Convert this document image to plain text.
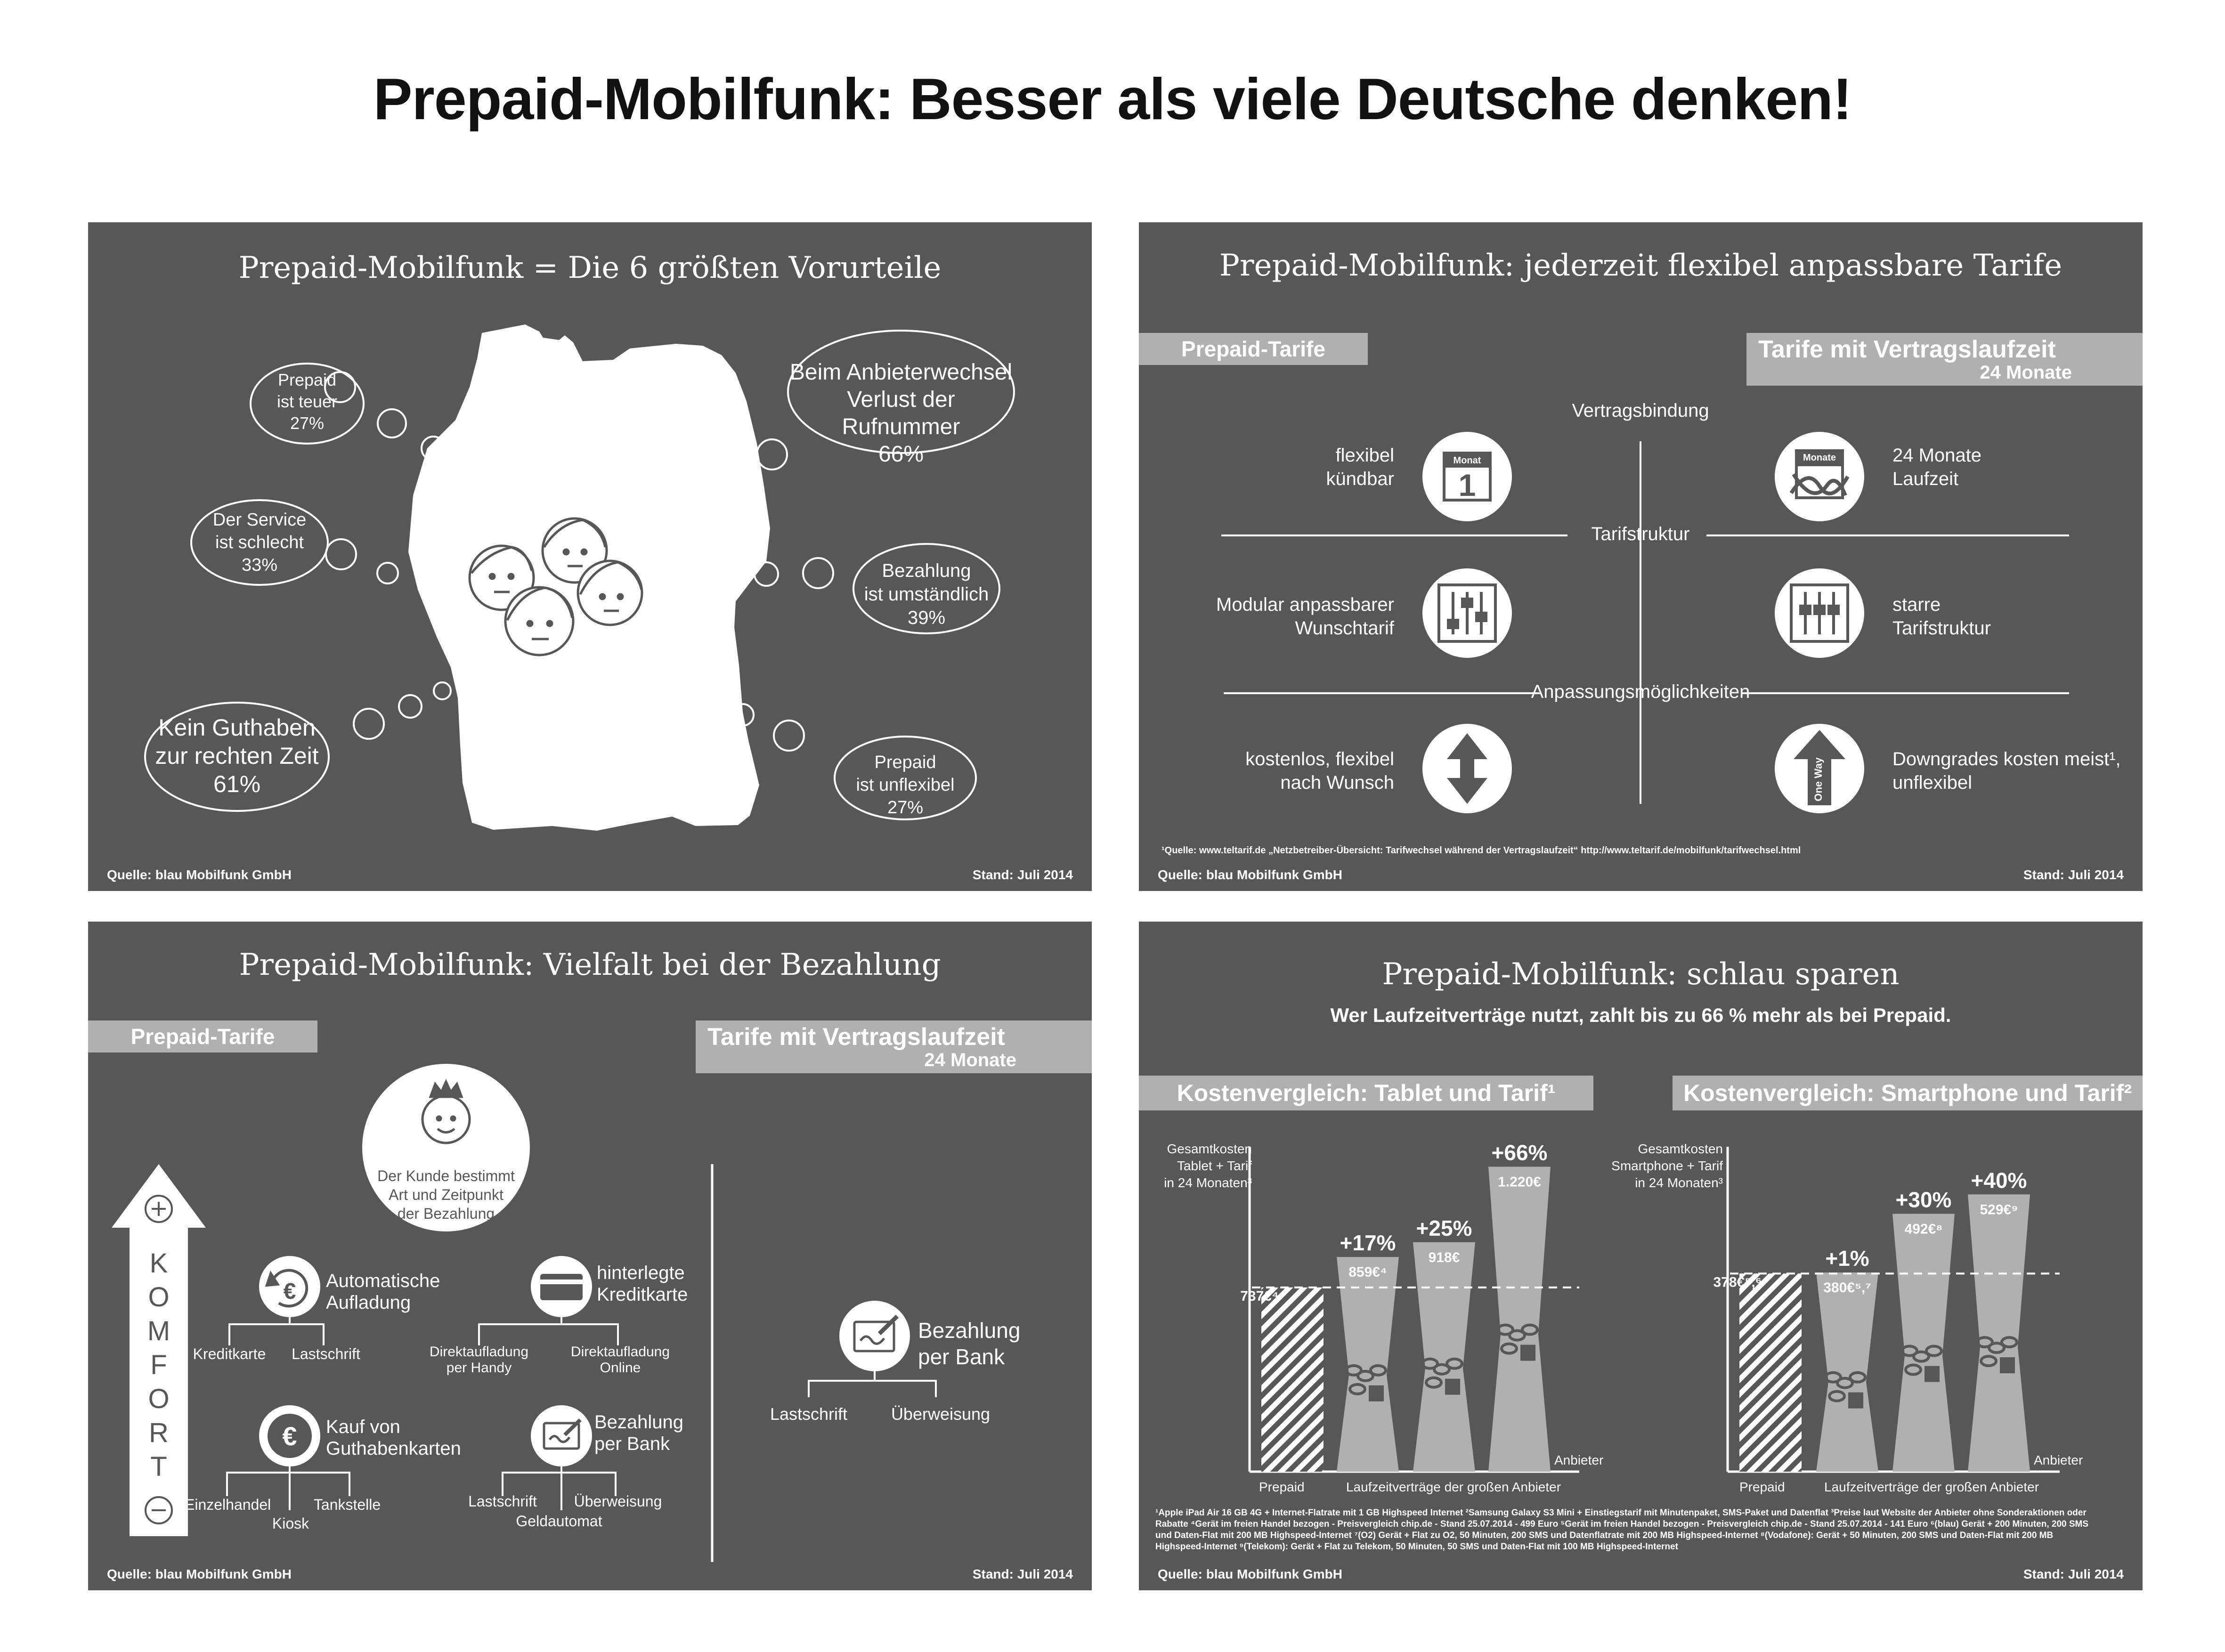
Prepaid-Mobilfunk: Besser als viele Deutsche denken!
Prepaid-Mobilfunk = Die 6 größten Vorurteile
Prepaid
ist teuer
27%
Der Service
ist schlecht
33%
Kein Guthaben
zur rechten Zeit
61%
Beim Anbieterwechsel
Verlust der Rufnummer
66%
Bezahlung
ist umständlich
39%
Prepaid
ist unflexibel
27%
Quelle: blau Mobilfunk GmbH	Stand: Juli 2014
Prepaid-Mobilfunk: jederzeit flexibel anpassbare Tarife
Prepaid-Tarife	Tarife mit Vertragslaufzeit
24 Monate
Monat
1
Monate
Vertragsbindung
Tarifstruktur
Anpassungsmöglichkeiten
flexibel
kündbar
24 Monate
Laufzeit
Modular anpassbarer
Wunschtarif
starre
Tarifstruktur
kostenlos, flexibel
nach Wunsch
Downgrades kosten meist¹,
unflexibel
One Way
¹Quelle: www.teltarif.de „Netzbetreiber-Übersicht: Tarifwechsel während der Vertragslaufzeit“ http://www.teltarif.de/mobilfunk/tarifwechsel.html
Quelle: blau Mobilfunk GmbH	Stand: Juli 2014
Prepaid-Mobilfunk: Vielfalt bei der Bezahlung
Prepaid-Tarife	Tarife mit Vertragslaufzeit
24 Monate
€
€
Der Kunde bestimmt
Art und Zeitpunkt
der Bezahlung
K
O
M
F
O
R
T
Automatische
Aufladung
Kreditkarte Lastschrift
hinterlegte
Kreditkarte
Direktaufladung
per Handy
Direktaufladung
Online
Kauf von
Guthabenkarten
Einzelhandel	Tankstelle
Kiosk
Bezahlung
per Bank
Lastschrift Überweisung
Geldautomat
Bezahlung
per Bank
Lastschrift	Überweisung
Quelle: blau Mobilfunk GmbH	Stand: Juli 2014
Prepaid-Mobilfunk: schlau sparen
Wer Laufzeitverträge nutzt, zahlt bis zu 66 % mehr als bei Prepaid.
Kostenvergleich: Tablet und Tarif¹	Kostenvergleich: Smartphone und Tarif²
Gesamtkosten
Tablet + Tarif
in 24 Monaten³
Gesamtkosten
Smartphone + Tarif
in 24 Monaten³
737€⁴
859€⁴
+17%
918€
+25%
1.220€
+66%
378€⁵,⁶	380€⁵,⁷
+1%
492€⁸
+30% 529€⁹
+40%
Prepaid	Laufzeitverträge der großen Anbieter
Anbieter
Prepaid	Laufzeitverträge der großen Anbieter
Anbieter
¹Apple iPad Air 16 GB 4G + Internet-Flatrate mit 1 GB Highspeed Internet ²Samsung Galaxy S3 Mini + Einstiegstarif mit Minutenpaket, SMS-Paket und Datenflat ³Preise laut Website der Anbieter ohne Sonderaktionen oder
Rabatte ⁴Gerät im freien Handel bezogen - Preisvergleich chip.de - Stand 25.07.2014 - 499 Euro ⁵Gerät im freien Handel bezogen - Preisvergleich chip.de - Stand 25.07.2014 - 141 Euro ⁶(blau) Gerät + 200 Minuten, 200 SMS
und Daten-Flat mit 200 MB Highspeed-Internet ⁷(O2) Gerät + Flat zu O2, 50 Minuten, 200 SMS und Datenflatrate mit 200 MB Highspeed-Internet ⁸(Vodafone): Gerät + 50 Minuten, 200 SMS und Daten-Flat mit 200 MB
Highspeed-Internet ⁹(Telekom): Gerät + Flat zu Telekom, 50 Minuten, 50 SMS und Daten-Flat mit 100 MB Highspeed-Internet
Quelle: blau Mobilfunk GmbH	Stand: Juli 2014
